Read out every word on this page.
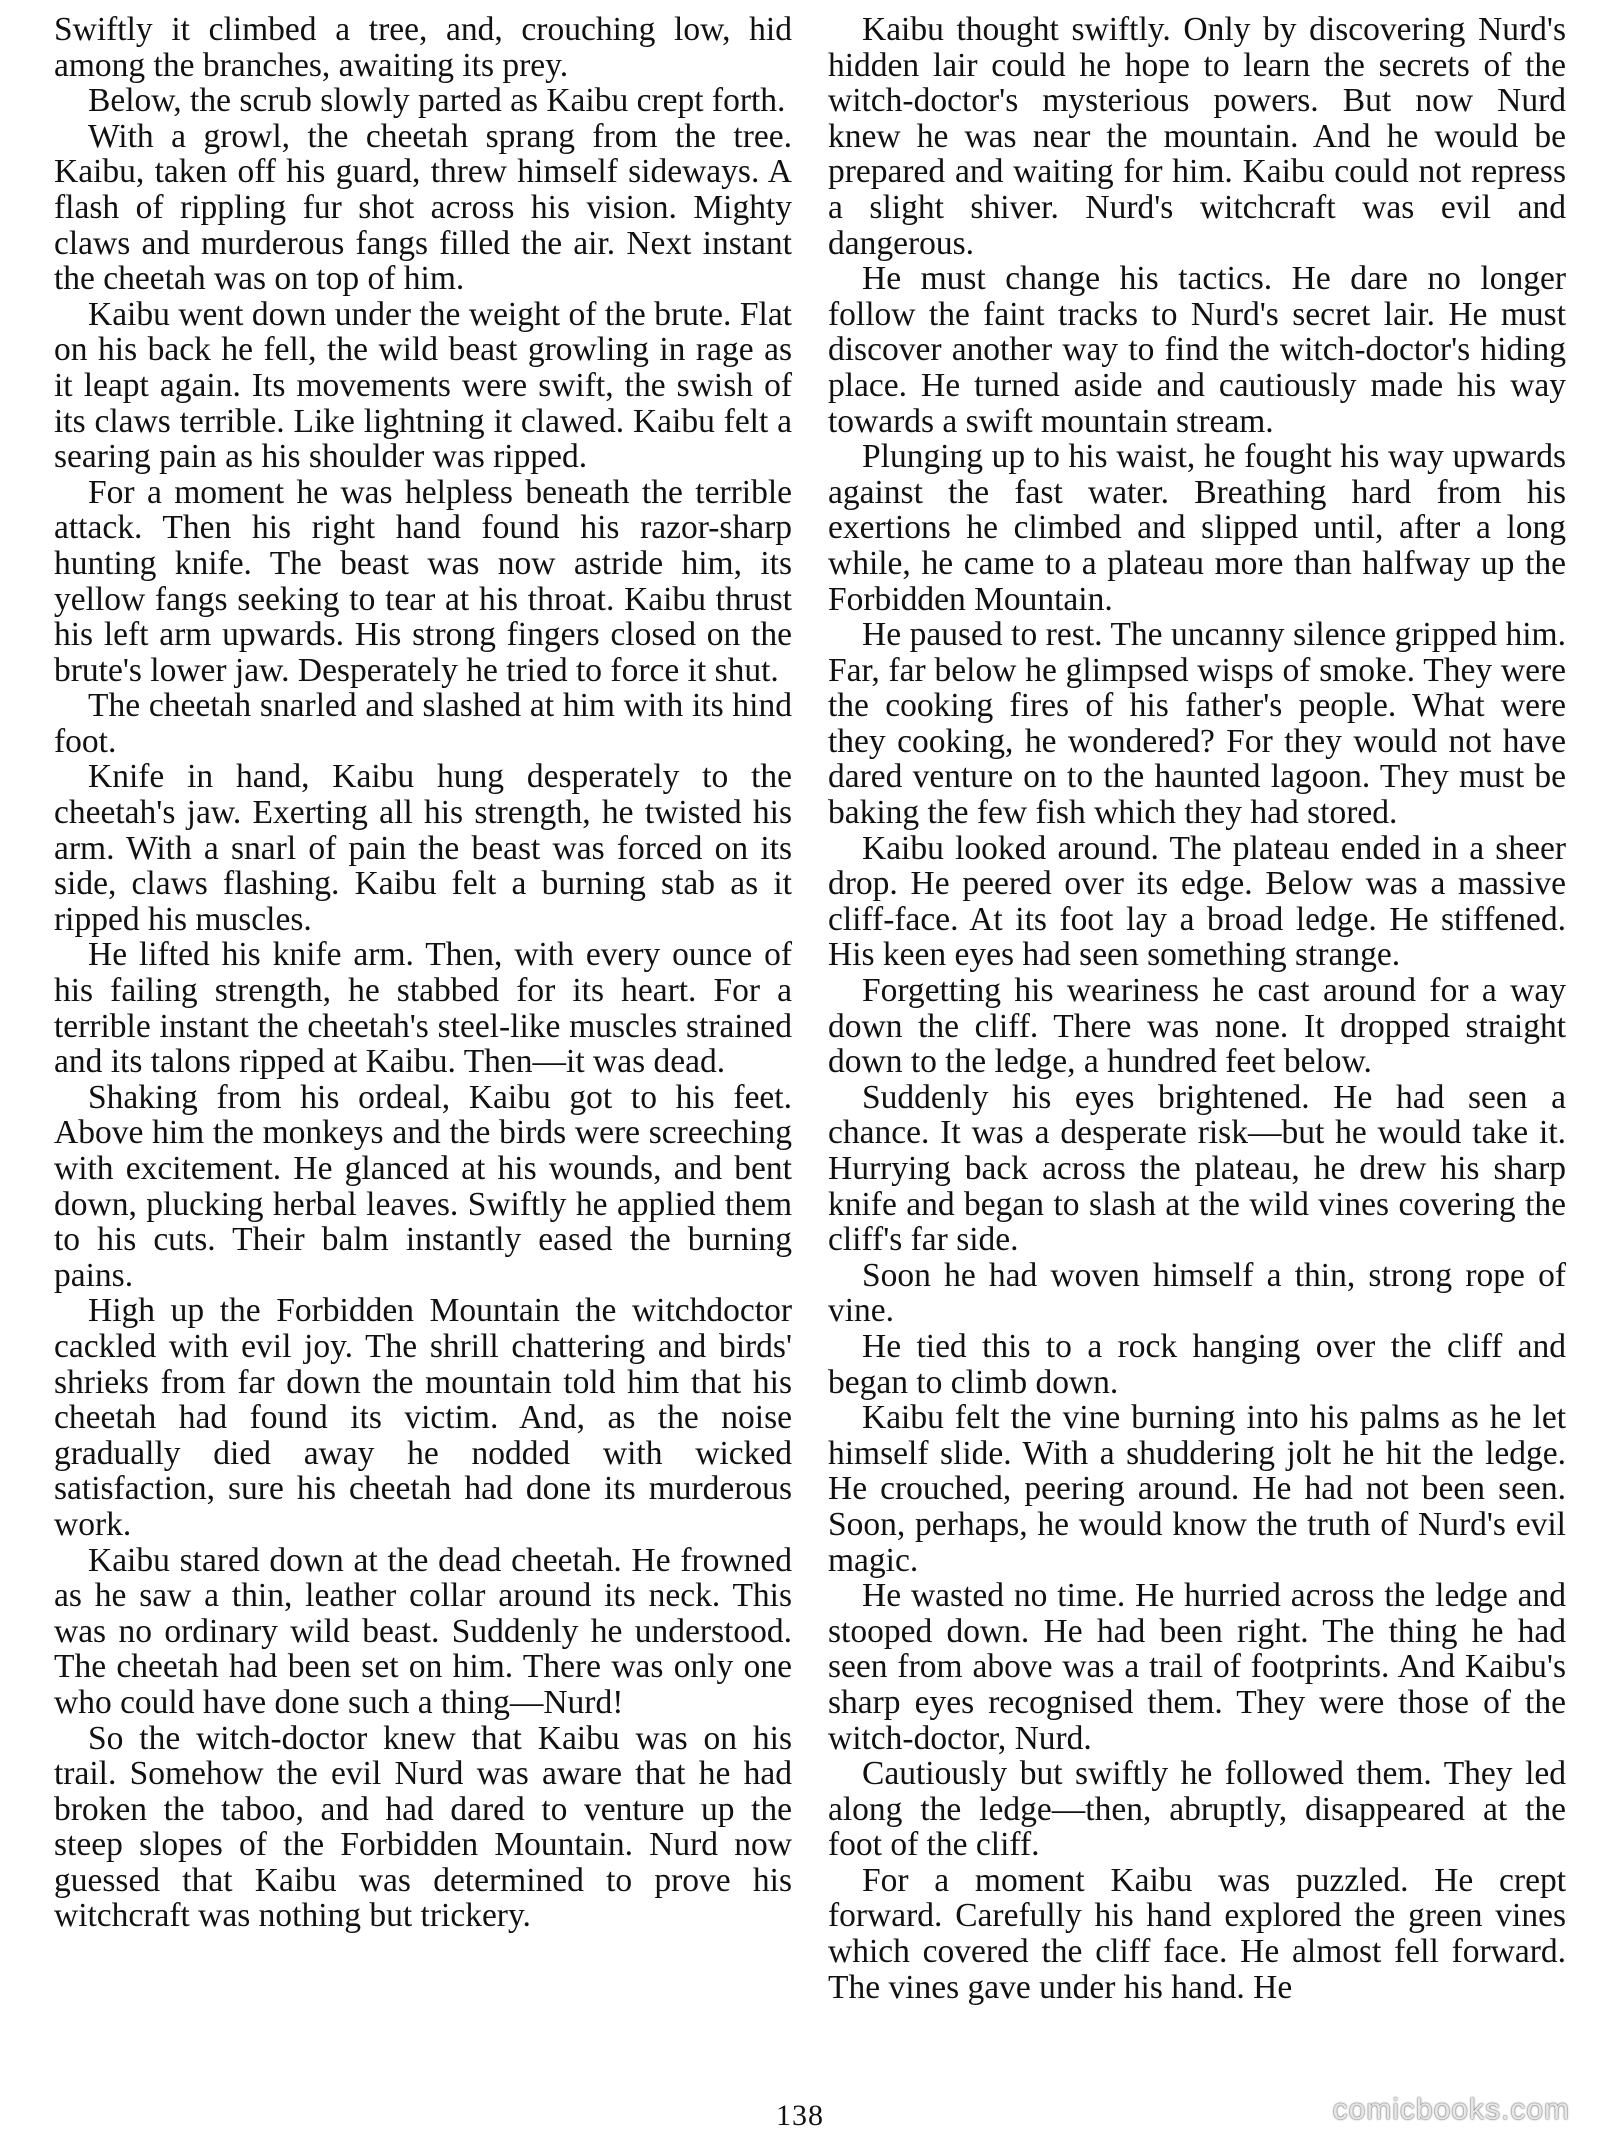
Swiftly it climbed a tree, and, crouching low, hid among the branches, awaiting its prey.

Below, the scrub slowly parted as Kaibu crept forth.

With a growl, the cheetah sprang from the tree. Kaibu, taken off his guard, threw himself sideways. A flash of rippling fur shot across his vision. Mighty claws and murderous fangs filled the air. Next instant the cheetah was on top of him.

Kaibu went down under the weight of the brute. Flat on his back he fell, the wild beast growling in rage as it leapt again. Its movements were swift, the swish of its claws terrible. Like lightning it clawed. Kaibu felt a searing pain as his shoulder was ripped.

For a moment he was helpless beneath the terrible attack. Then his right hand found his razor-sharp hunting knife. The beast was now astride him, its yellow fangs seeking to tear at his throat. Kaibu thrust his left arm upwards. His strong fingers closed on the brute's lower jaw. Desperately he tried to force it shut.

The cheetah snarled and slashed at him with its hind foot.

Knife in hand, Kaibu hung desperately to the cheetah's jaw. Exerting all his strength, he twisted his arm. With a snarl of pain the beast was forced on its side, claws flashing. Kaibu felt a burning stab as it ripped his muscles.

He lifted his knife arm. Then, with every ounce of his failing strength, he stabbed for its heart. For a terrible instant the cheetah's steel-like muscles strained and its talons ripped at Kaibu. Then—it was dead.

Shaking from his ordeal, Kaibu got to his feet. Above him the monkeys and the birds were screeching with excitement. He glanced at his wounds, and bent down, plucking herbal leaves. Swiftly he applied them to his cuts. Their balm instantly eased the burning pains.

High up the Forbidden Mountain the witchdoctor cackled with evil joy. The shrill chattering and birds' shrieks from far down the mountain told him that his cheetah had found its victim. And, as the noise gradually died away he nodded with wicked satisfaction, sure his cheetah had done its murderous work.

Kaibu stared down at the dead cheetah. He frowned as he saw a thin, leather collar around its neck. This was no ordinary wild beast. Suddenly he understood. The cheetah had been set on him. There was only one who could have done such a thing—Nurd!

So the witch-doctor knew that Kaibu was on his trail. Somehow the evil Nurd was aware that he had broken the taboo, and had dared to venture up the steep slopes of the Forbidden Mountain. Nurd now guessed that Kaibu was determined to prove his witchcraft was nothing but trickery.

Kaibu thought swiftly. Only by discovering Nurd's hidden lair could he hope to learn the secrets of the witch-doctor's mysterious powers. But now Nurd knew he was near the mountain. And he would be prepared and waiting for him. Kaibu could not repress a slight shiver. Nurd's witchcraft was evil and dangerous.

He must change his tactics. He dare no longer follow the faint tracks to Nurd's secret lair. He must discover another way to find the witch-doctor's hiding place. He turned aside and cautiously made his way towards a swift mountain stream.

Plunging up to his waist, he fought his way upwards against the fast water. Breathing hard from his exertions he climbed and slipped until, after a long while, he came to a plateau more than halfway up the Forbidden Mountain.

He paused to rest. The uncanny silence gripped him. Far, far below he glimpsed wisps of smoke. They were the cooking fires of his father's people. What were they cooking, he wondered? For they would not have dared venture on to the haunted lagoon. They must be baking the few fish which they had stored.

Kaibu looked around. The plateau ended in a sheer drop. He peered over its edge. Below was a massive cliff-face. At its foot lay a broad ledge. He stiffened. His keen eyes had seen something strange.

Forgetting his weariness he cast around for a way down the cliff. There was none. It dropped straight down to the ledge, a hundred feet below.

Suddenly his eyes brightened. He had seen a chance. It was a desperate risk—but he would take it. Hurrying back across the plateau, he drew his sharp knife and began to slash at the wild vines covering the cliff's far side.

Soon he had woven himself a thin, strong rope of vine.

He tied this to a rock hanging over the cliff and began to climb down.

Kaibu felt the vine burning into his palms as he let himself slide. With a shuddering jolt he hit the ledge. He crouched, peering around. He had not been seen. Soon, perhaps, he would know the truth of Nurd's evil magic.

He wasted no time. He hurried across the ledge and stooped down. He had been right. The thing he had seen from above was a trail of footprints. And Kaibu's sharp eyes recognised them. They were those of the witch-doctor, Nurd.

Cautiously but swiftly he followed them. They led along the ledge—then, abruptly, disappeared at the foot of the cliff.

For a moment Kaibu was puzzled. He crept forward. Carefully his hand explored the green vines which covered the cliff face. He almost fell forward. The vines gave under his hand. He

138	comicbooks.com
